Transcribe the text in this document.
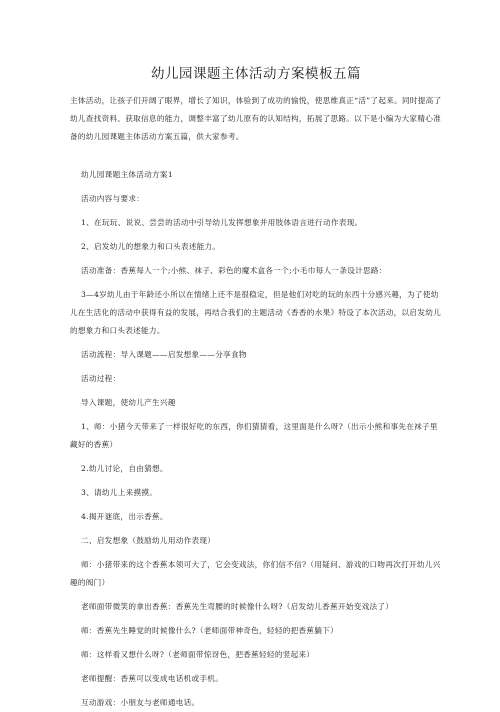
幼儿园课题主体活动方案模板五篇

主体活动，让孩子们开阔了眼界，增长了知识，体验到了成功的愉悦，使思维真正“活”了起来。同时提高了幼儿查找资料、获取信息的能力，调整丰富了幼儿原有的认知结构，拓展了思路。以下是小编为大家精心准备的幼儿园课题主体活动方案五篇，供大家参考。

幼儿园课题主体活动方案1

活动内容与要求：

1、在玩玩、说说、尝尝的活动中引导幼儿发挥想象并用肢体语言进行动作表现。

2、启发幼儿的想象力和口头表述能力。

活动准备：香蕉每人一个;小熊、袜子、彩色的魔术盒各一个;小毛巾每人一条设计思路：

3—4岁幼儿由于年龄还小所以在情绪上还不是很稳定，但是他们对吃的玩的东西十分感兴趣，为了使幼儿在生活化的活动中获得有益的发展，再结合我们的主题活动《香香的水果》特设了本次活动，以启发幼儿的想象力和口头表述能力。

活动流程：导入课题——启发想象——分享食物

活动过程：

导入课题，使幼儿产生兴趣

1、师：小猪今天带来了一样很好吃的东西，你们猜猜看，这里面是什么呀?（出示小熊和事先在袜子里藏好的香蕉）

2.幼儿讨论，自由猜想。

3、请幼儿上来摸摸。

4.揭开谜底，出示香蕉。

二、启发想象（鼓励幼儿用动作表现）

师：小猪带来的这个香蕉本领可大了，它会变戏法，你们信不信?（用疑问、游戏的口吻再次打开幼儿兴趣的阀门）

老师面带微笑的拿出香蕉：香蕉先生弯腰的时候像什么呀?（启发幼儿香蕉开始变戏法了）

师：香蕉先生睡觉的时候像什么?（老师面带神奇色，轻轻的把香蕉躺下）

师：这样看又想什么呀?（老师面带惊讶色，把香蕉轻轻的竖起来）

老师提醒：香蕉可以变成电话机或手机。

互动游戏：小朋友与老师通电话。
